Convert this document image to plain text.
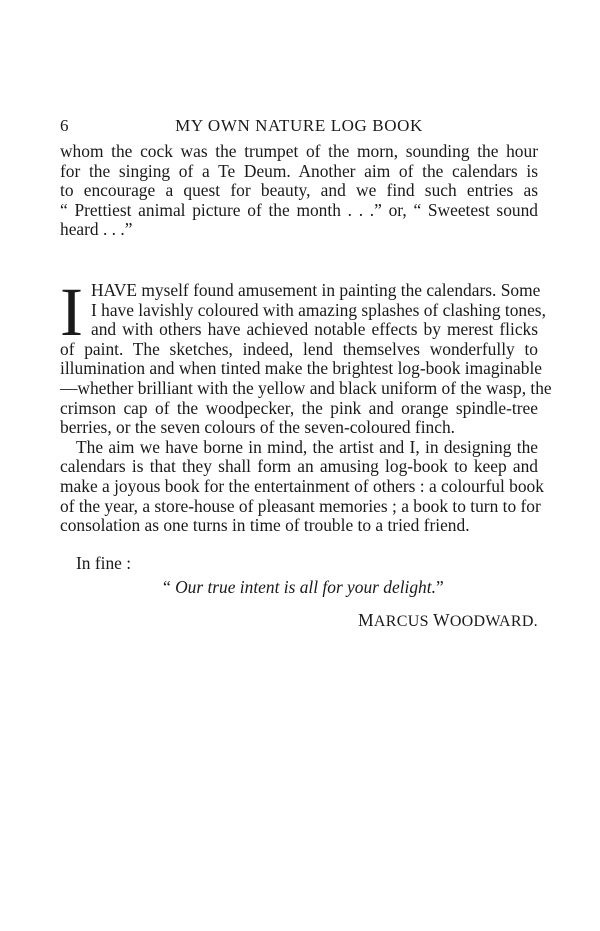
6	MY OWN NATURE LOG BOOK
whom the cock was the trumpet of the morn, sounding the hour
for the singing of a Te Deum. Another aim of the calendars is
to encourage a quest for beauty, and we find such entries as
“ Prettiest animal picture of the month . . .” or, “ Sweetest sound
heard . . .”
I HAVE myself found amusement in painting the calendars. Some
I have lavishly coloured with amazing splashes of clashing tones,
and with others have achieved notable effects by merest flicks
of paint. The sketches, indeed, lend themselves wonderfully to
illumination and when tinted make the brightest log-book imaginable
—whether brilliant with the yellow and black uniform of the wasp, the
crimson cap of the woodpecker, the pink and orange spindle-tree
berries, or the seven colours of the seven-coloured finch.
The aim we have borne in mind, the artist and I, in designing the
calendars is that they shall form an amusing log-book to keep and
make a joyous book for the entertainment of others : a colourful book
of the year, a store-house of pleasant memories ; a book to turn to for
consolation as one turns in time of trouble to a tried friend.
In fine :
“ Our true intent is all for your delight.”
MARCUS WOODWARD.
